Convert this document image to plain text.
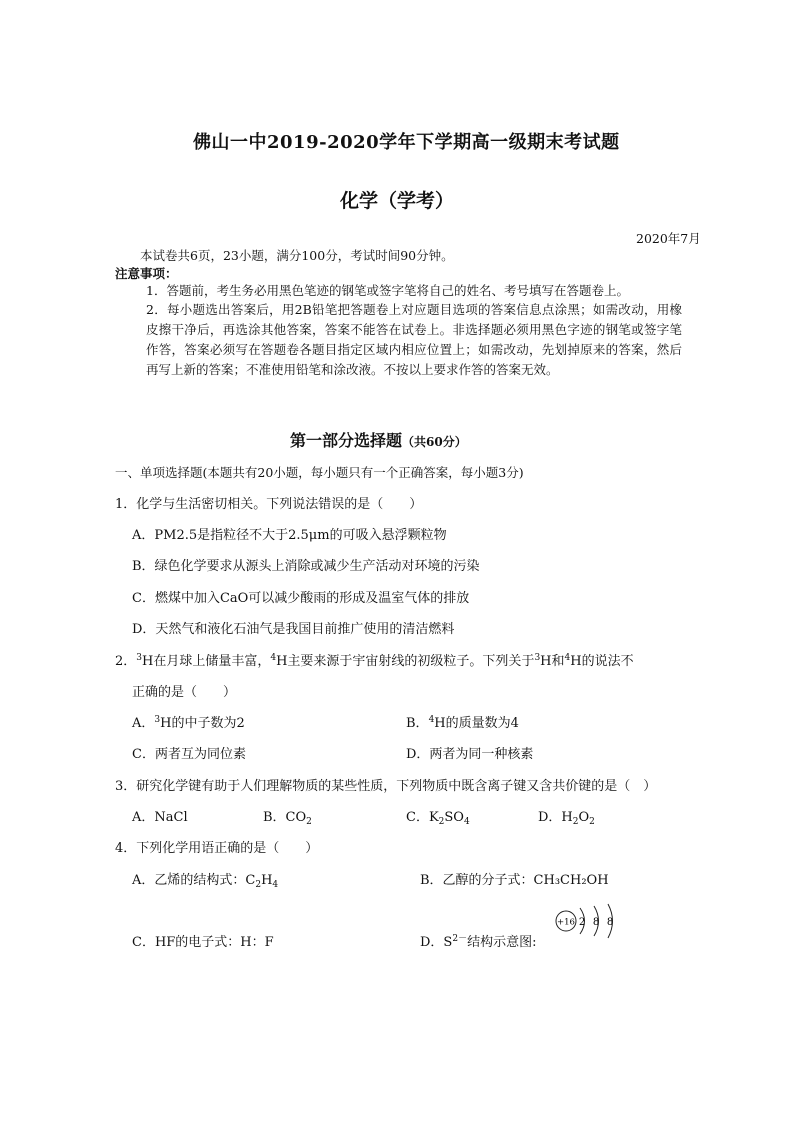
佛山一中2019-2020学年下学期高一级期末考试题
化学（学考）
2020年7月
本试卷共6页，23小题，满分100分，考试时间90分钟。
注意事项：
1．答题前，考生务必用黑色笔迹的钢笔或签字笔将自己的姓名、考号填写在答题卷上。
2．每小题选出答案后，用2B铅笔把答题卷上对应题目选项的答案信息点涂黑；如需改动，用橡皮擦干净后，再选涂其他答案，答案不能答在试卷上。非选择题必须用黑色字迹的钢笔或签字笔作答，答案必须写在答题卷各题目指定区域内相应位置上；如需改动，先划掉原来的答案，然后再写上新的答案；不准使用铅笔和涂改液。不按以上要求作答的答案无效。
第一部分选择题（共60分）
一、单项选择题(本题共有20小题，每小题只有一个正确答案，每小题3分)
1．化学与生活密切相关。下列说法错误的是（　　）
A．PM2.5是指粒径不大于2.5μm的可吸入悬浮颗粒物
B．绿色化学要求从源头上消除或减少生产活动对环境的污染
C．燃煤中加入CaO可以减少酸雨的形成及温室气体的排放
D．天然气和液化石油气是我国目前推广使用的清洁燃料
2．$^3$H在月球上储量丰富，$^4$H主要来源于宇宙射线的初级粒子。下列关于$^3$H和$^4$H的说法不
正确的是（　　）
A．$^3$H的中子数为2	B．$^4$H的质量数为4
C．两者互为同位素	D．两者为同一种核素
3．研究化学键有助于人们理解物质的某些性质，下列物质中既含离子键又含共价键的是（　）
A．NaCl	B．$CO_2$	C．$K_2SO_4$	D．$H_2O_2$
4．下列化学用语正确的是（　　）
A．乙烯的结构式：$C_2H_4$	B．乙醇的分子式：CH₃CH₂OH
C．HF的电子式：H：F	D．$S^{2-}$结构示意图:
+16 2 8 8
